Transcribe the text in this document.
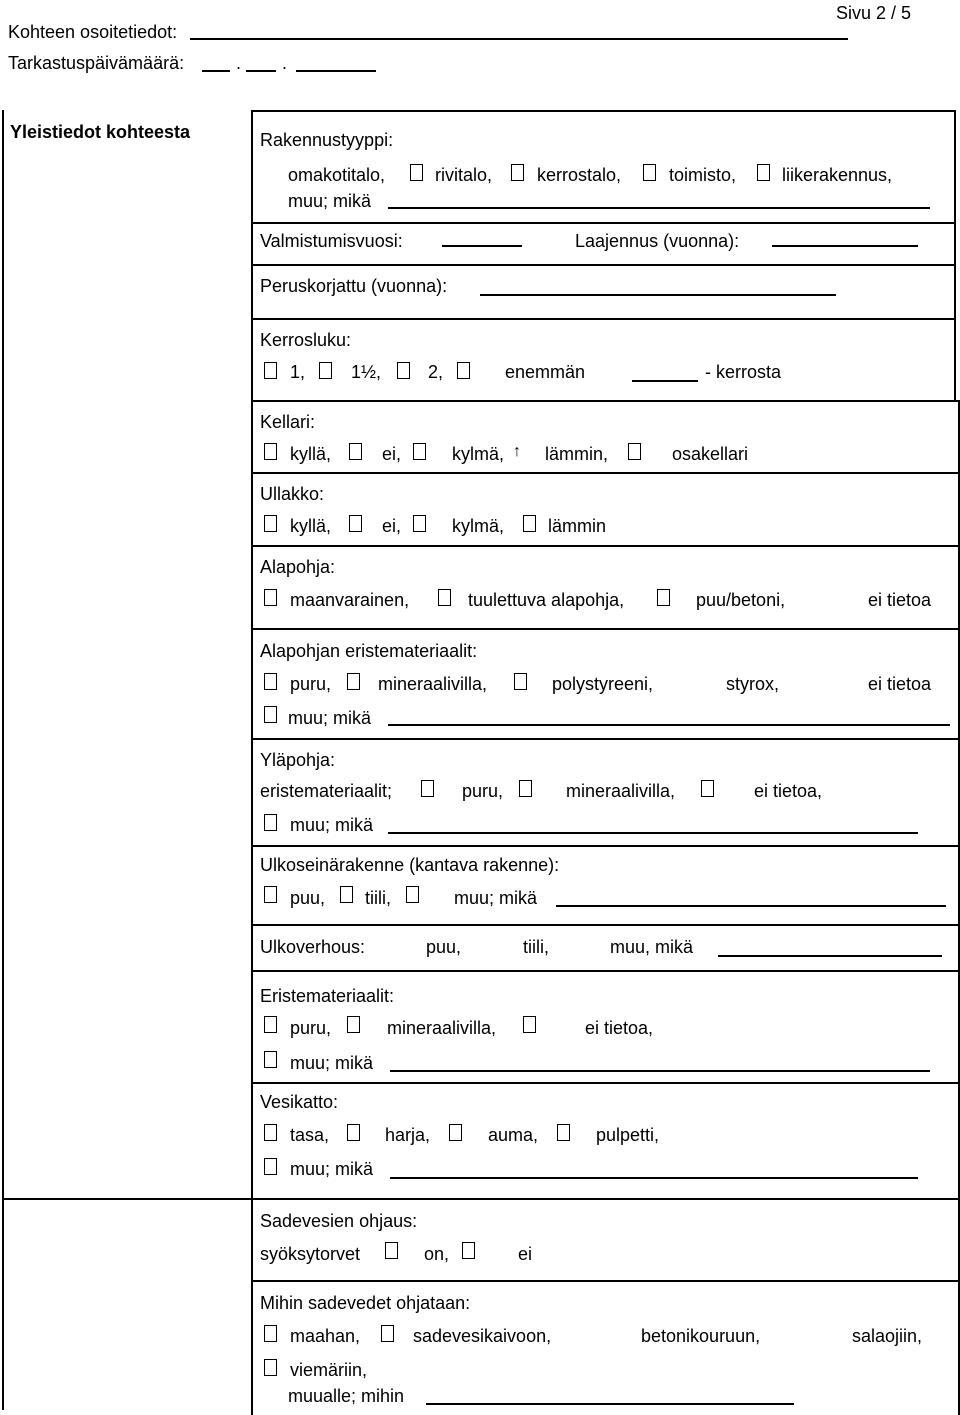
Sivu 2 / 5
Kohteen osoitetiedot:
Tarkastuspäivämäärä:	. .
Yleistiedot kohteesta	Rakennustyyppi:
omakotitalo,	rivitalo, kerrostalo,	toimisto,	liikerakennus,
muu; mikä
Valmistumisvuosi:	Laajennus (vuonna):
Peruskorjattu (vuonna):
Kerrosluku:
1,	1½,	2,	enemmän	- kerrosta
Kellari:
kyllä,	ei,	kylmä, ↑ lämmin,	osakellari
Ullakko:
kyllä,	ei,	kylmä, lämmin
Alapohja:
maanvarainen,	tuulettuva alapohja,	puu/betoni,	ei tietoa
Alapohjan eristemateriaalit:
puru,	mineraalivilla,	polystyreeni,	styrox,	ei tietoa
muu; mikä
Yläpohja:
eristemateriaalit;	puru,	mineraalivilla,	ei tietoa,
muu; mikä
Ulkoseinärakenne (kantava rakenne):
puu, tiili,	muu; mikä
Ulkoverhous:	puu,	tiili,	muu, mikä
Eristemateriaalit:
puru,	mineraalivilla,	ei tietoa,
muu; mikä
Vesikatto:
tasa,	harja,	auma,	pulpetti,
muu; mikä
Sadevesien ohjaus:
syöksytorvet	on,	ei
Mihin sadevedet ohjataan:
maahan,	sadevesikaivoon,	betonikouruun,	salaojiin,
viemäriin,
muualle; mihin
